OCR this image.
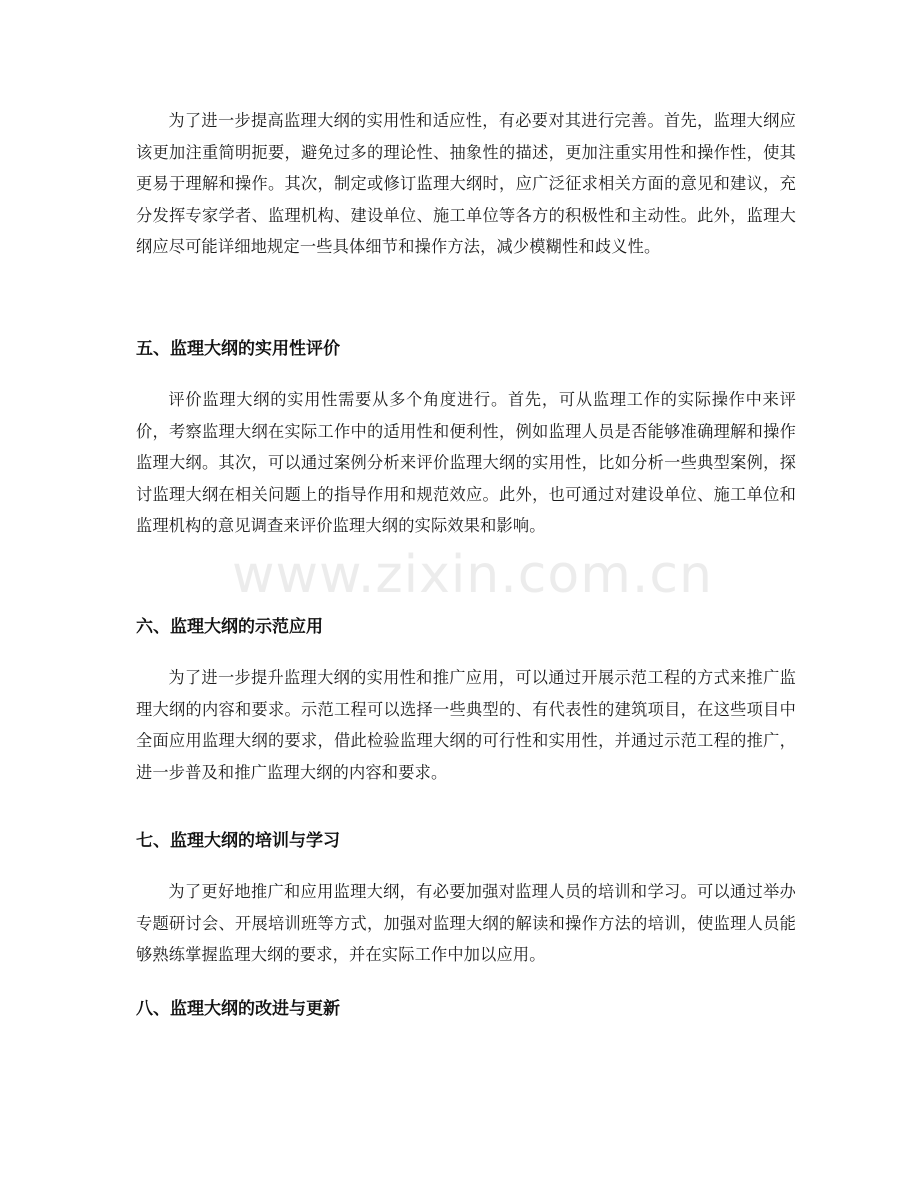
为了进一步提高监理大纲的实用性和适应性，有必要对其进行完善。首先，监理大纲应该更加注重简明扼要，避免过多的理论性、抽象性的描述，更加注重实用性和操作性，使其更易于理解和操作。其次，制定或修订监理大纲时，应广泛征求相关方面的意见和建议，充分发挥专家学者、监理机构、建设单位、施工单位等各方的积极性和主动性。此外，监理大纲应尽可能详细地规定一些具体细节和操作方法，减少模糊性和歧义性。

五、监理大纲的实用性评价

评价监理大纲的实用性需要从多个角度进行。首先，可从监理工作的实际操作中来评价，考察监理大纲在实际工作中的适用性和便利性，例如监理人员是否能够准确理解和操作监理大纲。其次，可以通过案例分析来评价监理大纲的实用性，比如分析一些典型案例，探讨监理大纲在相关问题上的指导作用和规范效应。此外，也可通过对建设单位、施工单位和监理机构的意见调查来评价监理大纲的实际效果和影响。

六、监理大纲的示范应用

为了进一步提升监理大纲的实用性和推广应用，可以通过开展示范工程的方式来推广监理大纲的内容和要求。示范工程可以选择一些典型的、有代表性的建筑项目，在这些项目中全面应用监理大纲的要求，借此检验监理大纲的可行性和实用性，并通过示范工程的推广，进一步普及和推广监理大纲的内容和要求。

七、监理大纲的培训与学习

为了更好地推广和应用监理大纲，有必要加强对监理人员的培训和学习。可以通过举办专题研讨会、开展培训班等方式，加强对监理大纲的解读和操作方法的培训，使监理人员能够熟练掌握监理大纲的要求，并在实际工作中加以应用。

八、监理大纲的改进与更新
www.zixin.com.cn
